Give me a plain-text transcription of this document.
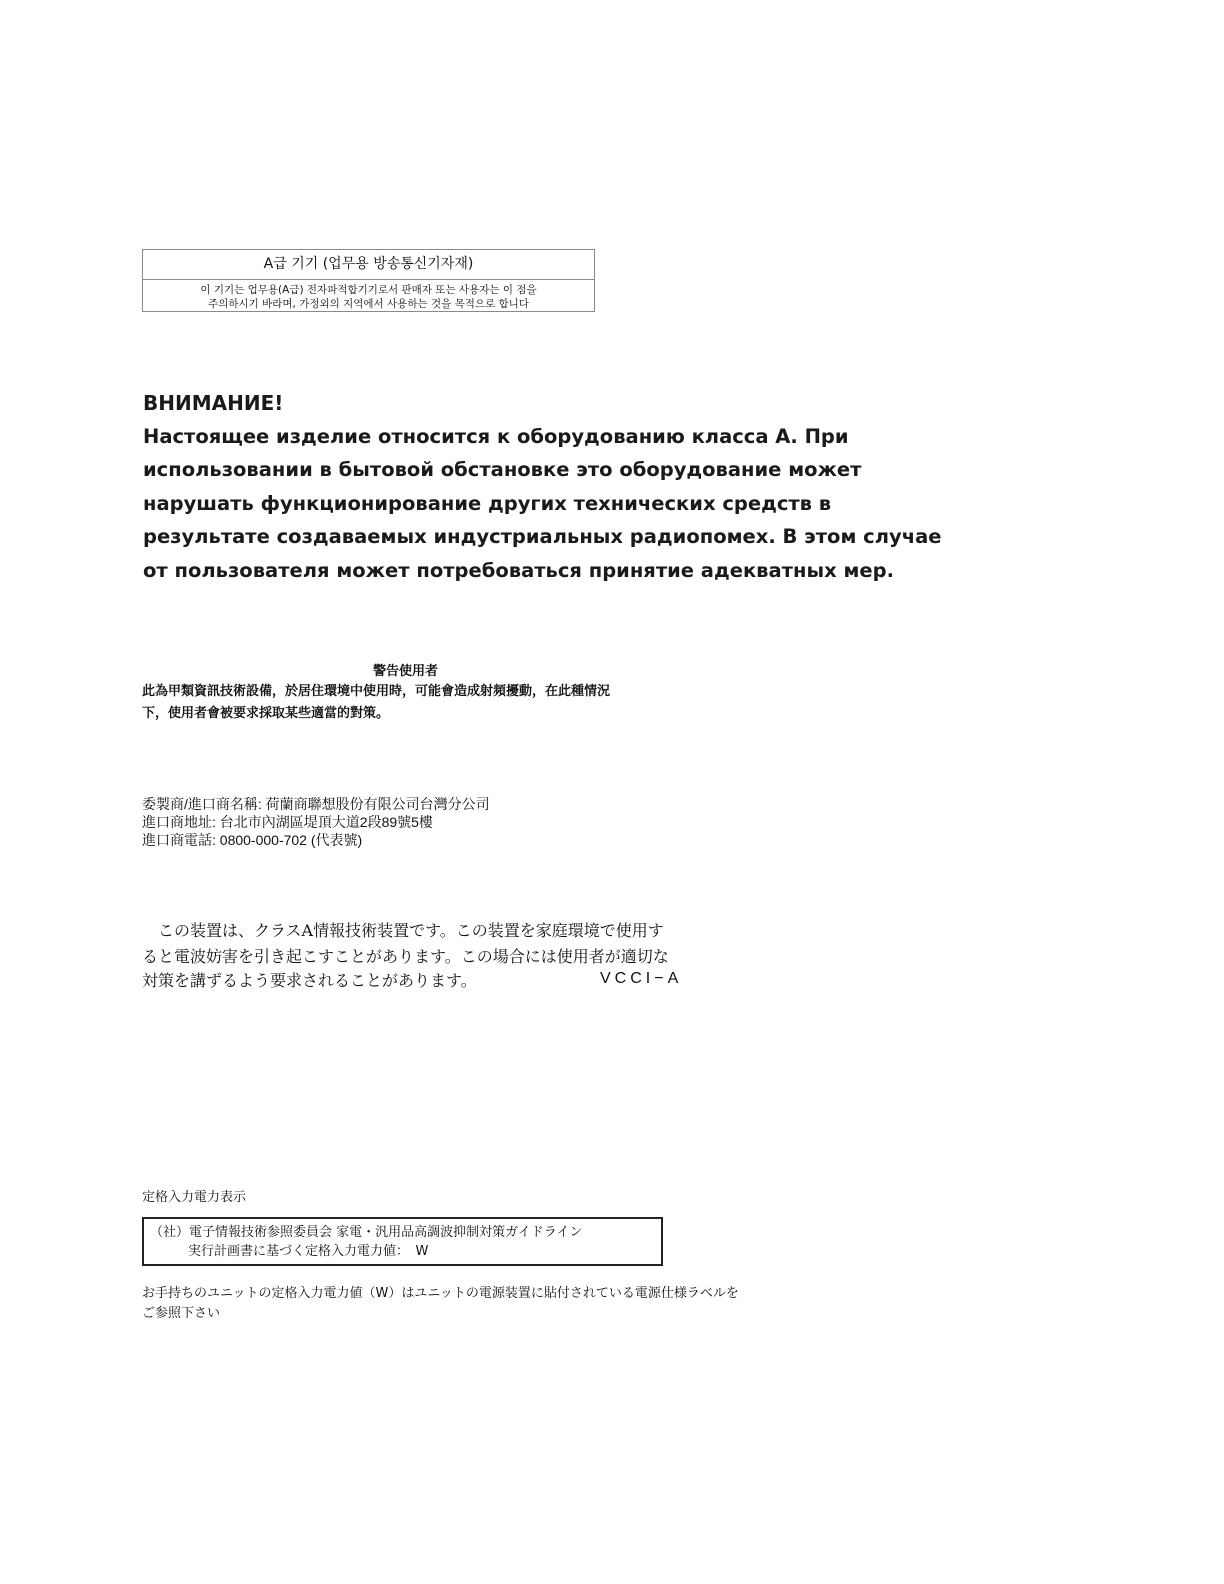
A급 기기 (업무용 방송통신기자재)
이 기기는 업무용(A급) 전자파적합기기로서 판매자 또는 사용자는 이 점을
주의하시기 바라며, 가정외의 지역에서 사용하는 것을 목적으로 합니다
ВНИМАНИЕ!
Настоящее изделие относится к оборудованию класса А. При
использовании в бытовой обстановке это оборудование может
нарушать функционирование других технических средств в
результате создаваемых индустриальных радиопомех. В этом случае
от пользователя может потребоваться принятие адекватных мер.
警告使用者
此為甲類資訊技術設備，於居住環境中使用時，可能會造成射頻擾動，在此種情況
下，使用者會被要求採取某些適當的對策。
委製商/進口商名稱: 荷蘭商聯想股份有限公司台灣分公司
進口商地址: 台北市內湖區堤頂大道2段89號5樓
進口商電話: 0800-000-702 (代表號)
　この装置は、クラスA情報技術装置です。この装置を家庭環境で使用す
ると電波妨害を引き起こすことがあります。この場合には使用者が適切な
対策を講ずるよう要求されることがあります。	VCCI−A
定格入力電力表示
（社）電子情報技術参照委員会 家電・汎用品高調波抑制対策ガイドライン
実行計画書に基づく定格入力電力値：　W
お手持ちのユニットの定格入力電力値（W）はユニットの電源装置に貼付されている電源仕様ラベルを
ご参照下さい
